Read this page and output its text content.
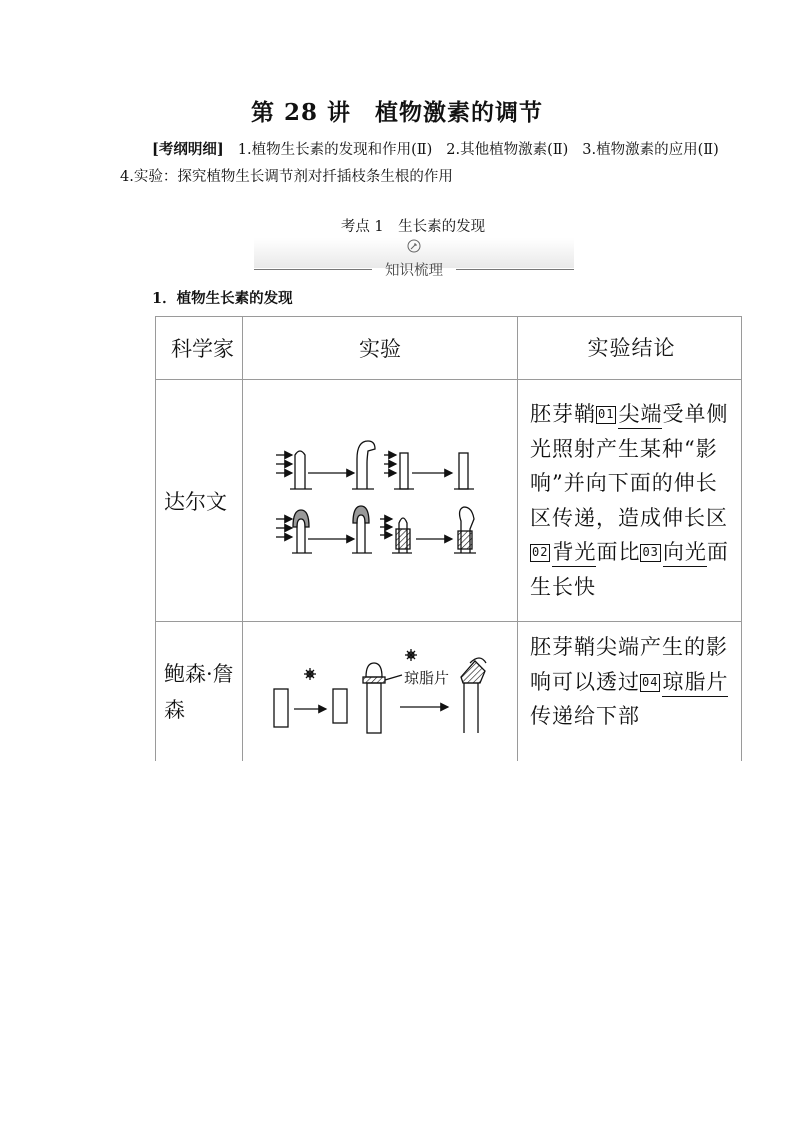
第 28 讲　植物激素的调节
[考纲明细] 1.植物生长素的发现和作用(Ⅱ) 2.其他植物激素(Ⅱ) 3.植物激素的应用(Ⅱ)
4.实验：探究植物生长调节剂对扦插枝条生根的作用
考点 1　生长素的发现
知识梳理
1．植物生长素的发现
科学家	实验	实验结论
达尔文		胚芽鞘 01 尖端受单侧光照射产生某种“影响”并向下面的伸长区传递，造成伸长区02 背光面比 03 向光面生长快
鲍森·詹森	琼脂片	胚芽鞘尖端产生的影响可以透过 04 琼脂片传递给下部
